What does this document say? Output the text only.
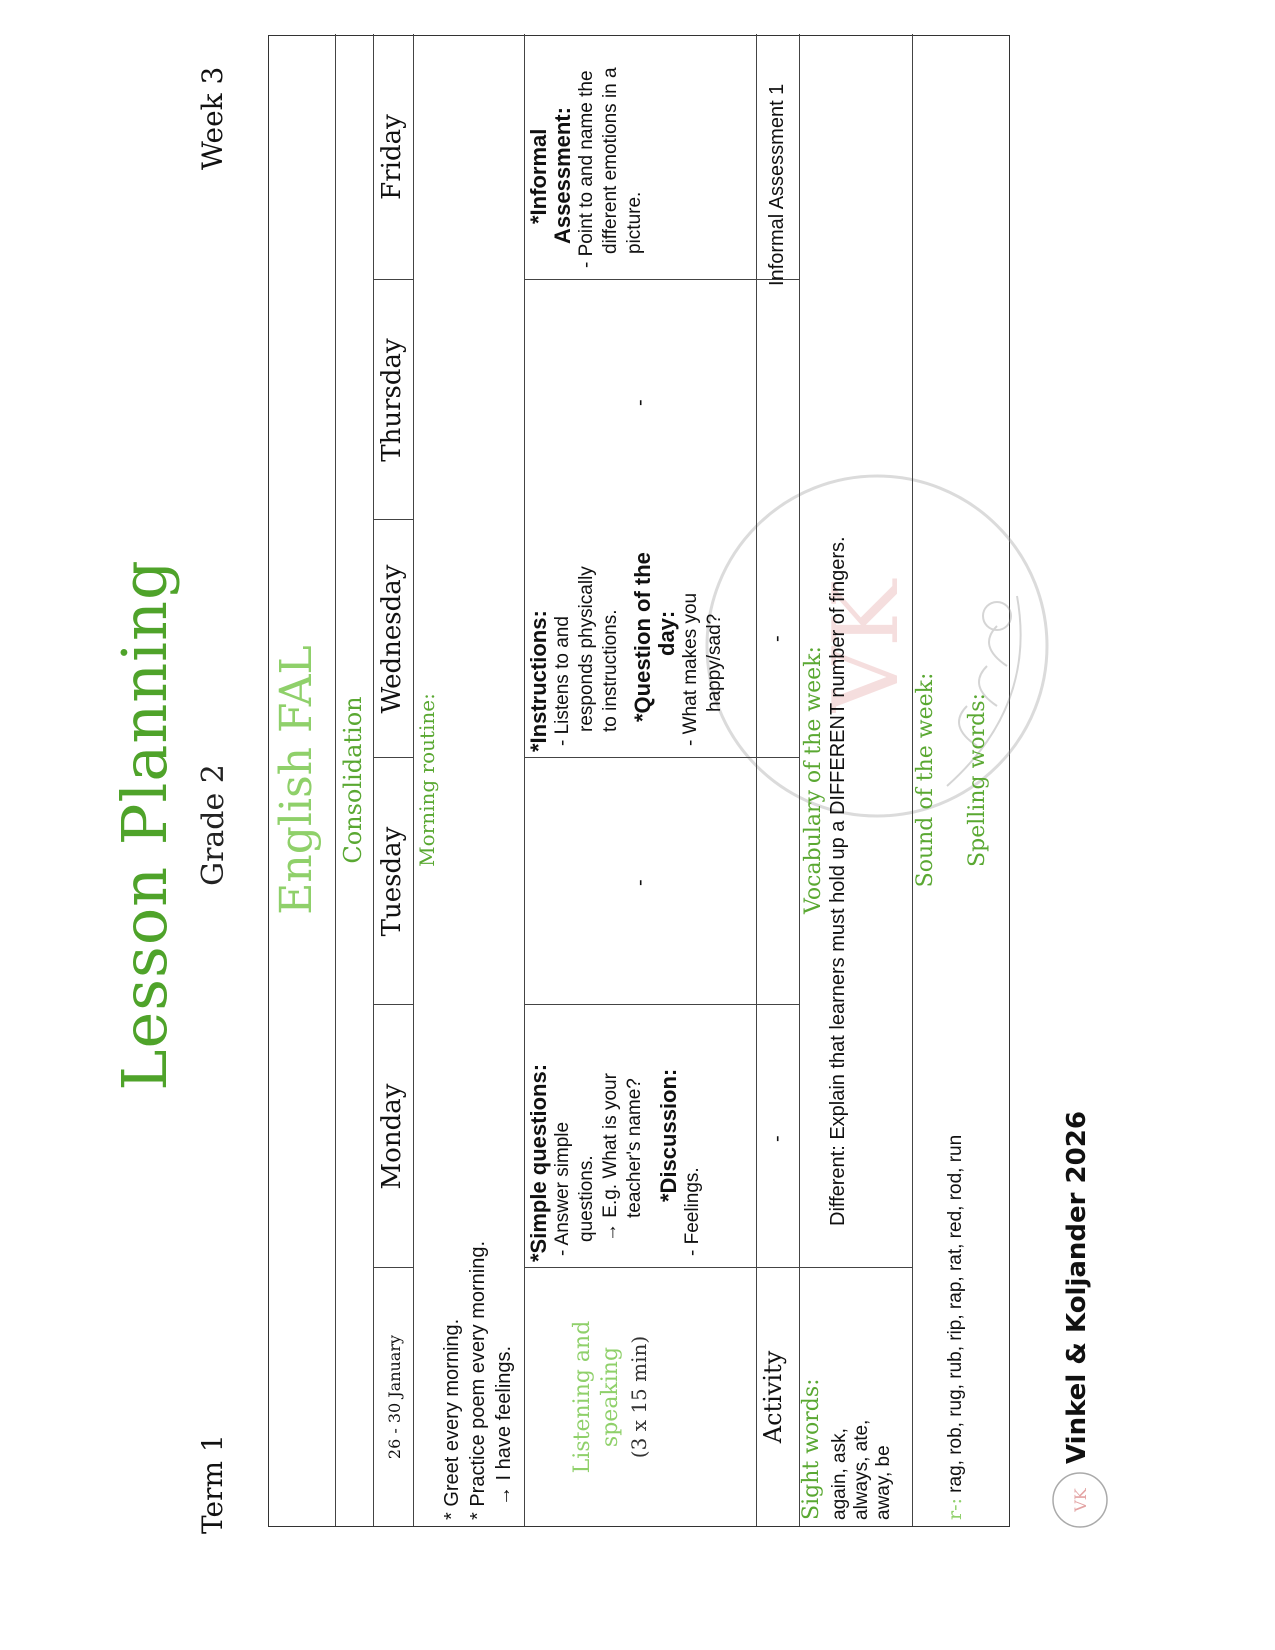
Lesson Planning Grade 2
Term 1
Week 3
VK
English FAL Consolidation
26 - 30 January
Monday
Tuesday
Wednesday
Thursday
Friday
Morning routine:
* Greet every morning. * Practice poem every morning. → I have feelings.	Listening and speaking (3 x 15 min)
*Simple questions: - Answer simple questions. → E.g. What is your teacher's name? *Discussion:
- Feelings.
-
*Instructions: - Listens to and responds physically to instructions. *Question of the day: - What makes you happy/sad?
-
*Informal Assessment: - Point to and name the different emotions in a picture.
Activity
-
-
Informal Assessment 1
Sight words: again, ask, always, ate, away, be
Vocabulary of the week: Different: Explain that learners must hold up a DIFFERENT number of fingers.	Sound of the week:
r-: rag, rob, rug, rub, rip, rap, rat, red, rod, run
Spelling words:
VK
Vinkel & Koljander 2026
